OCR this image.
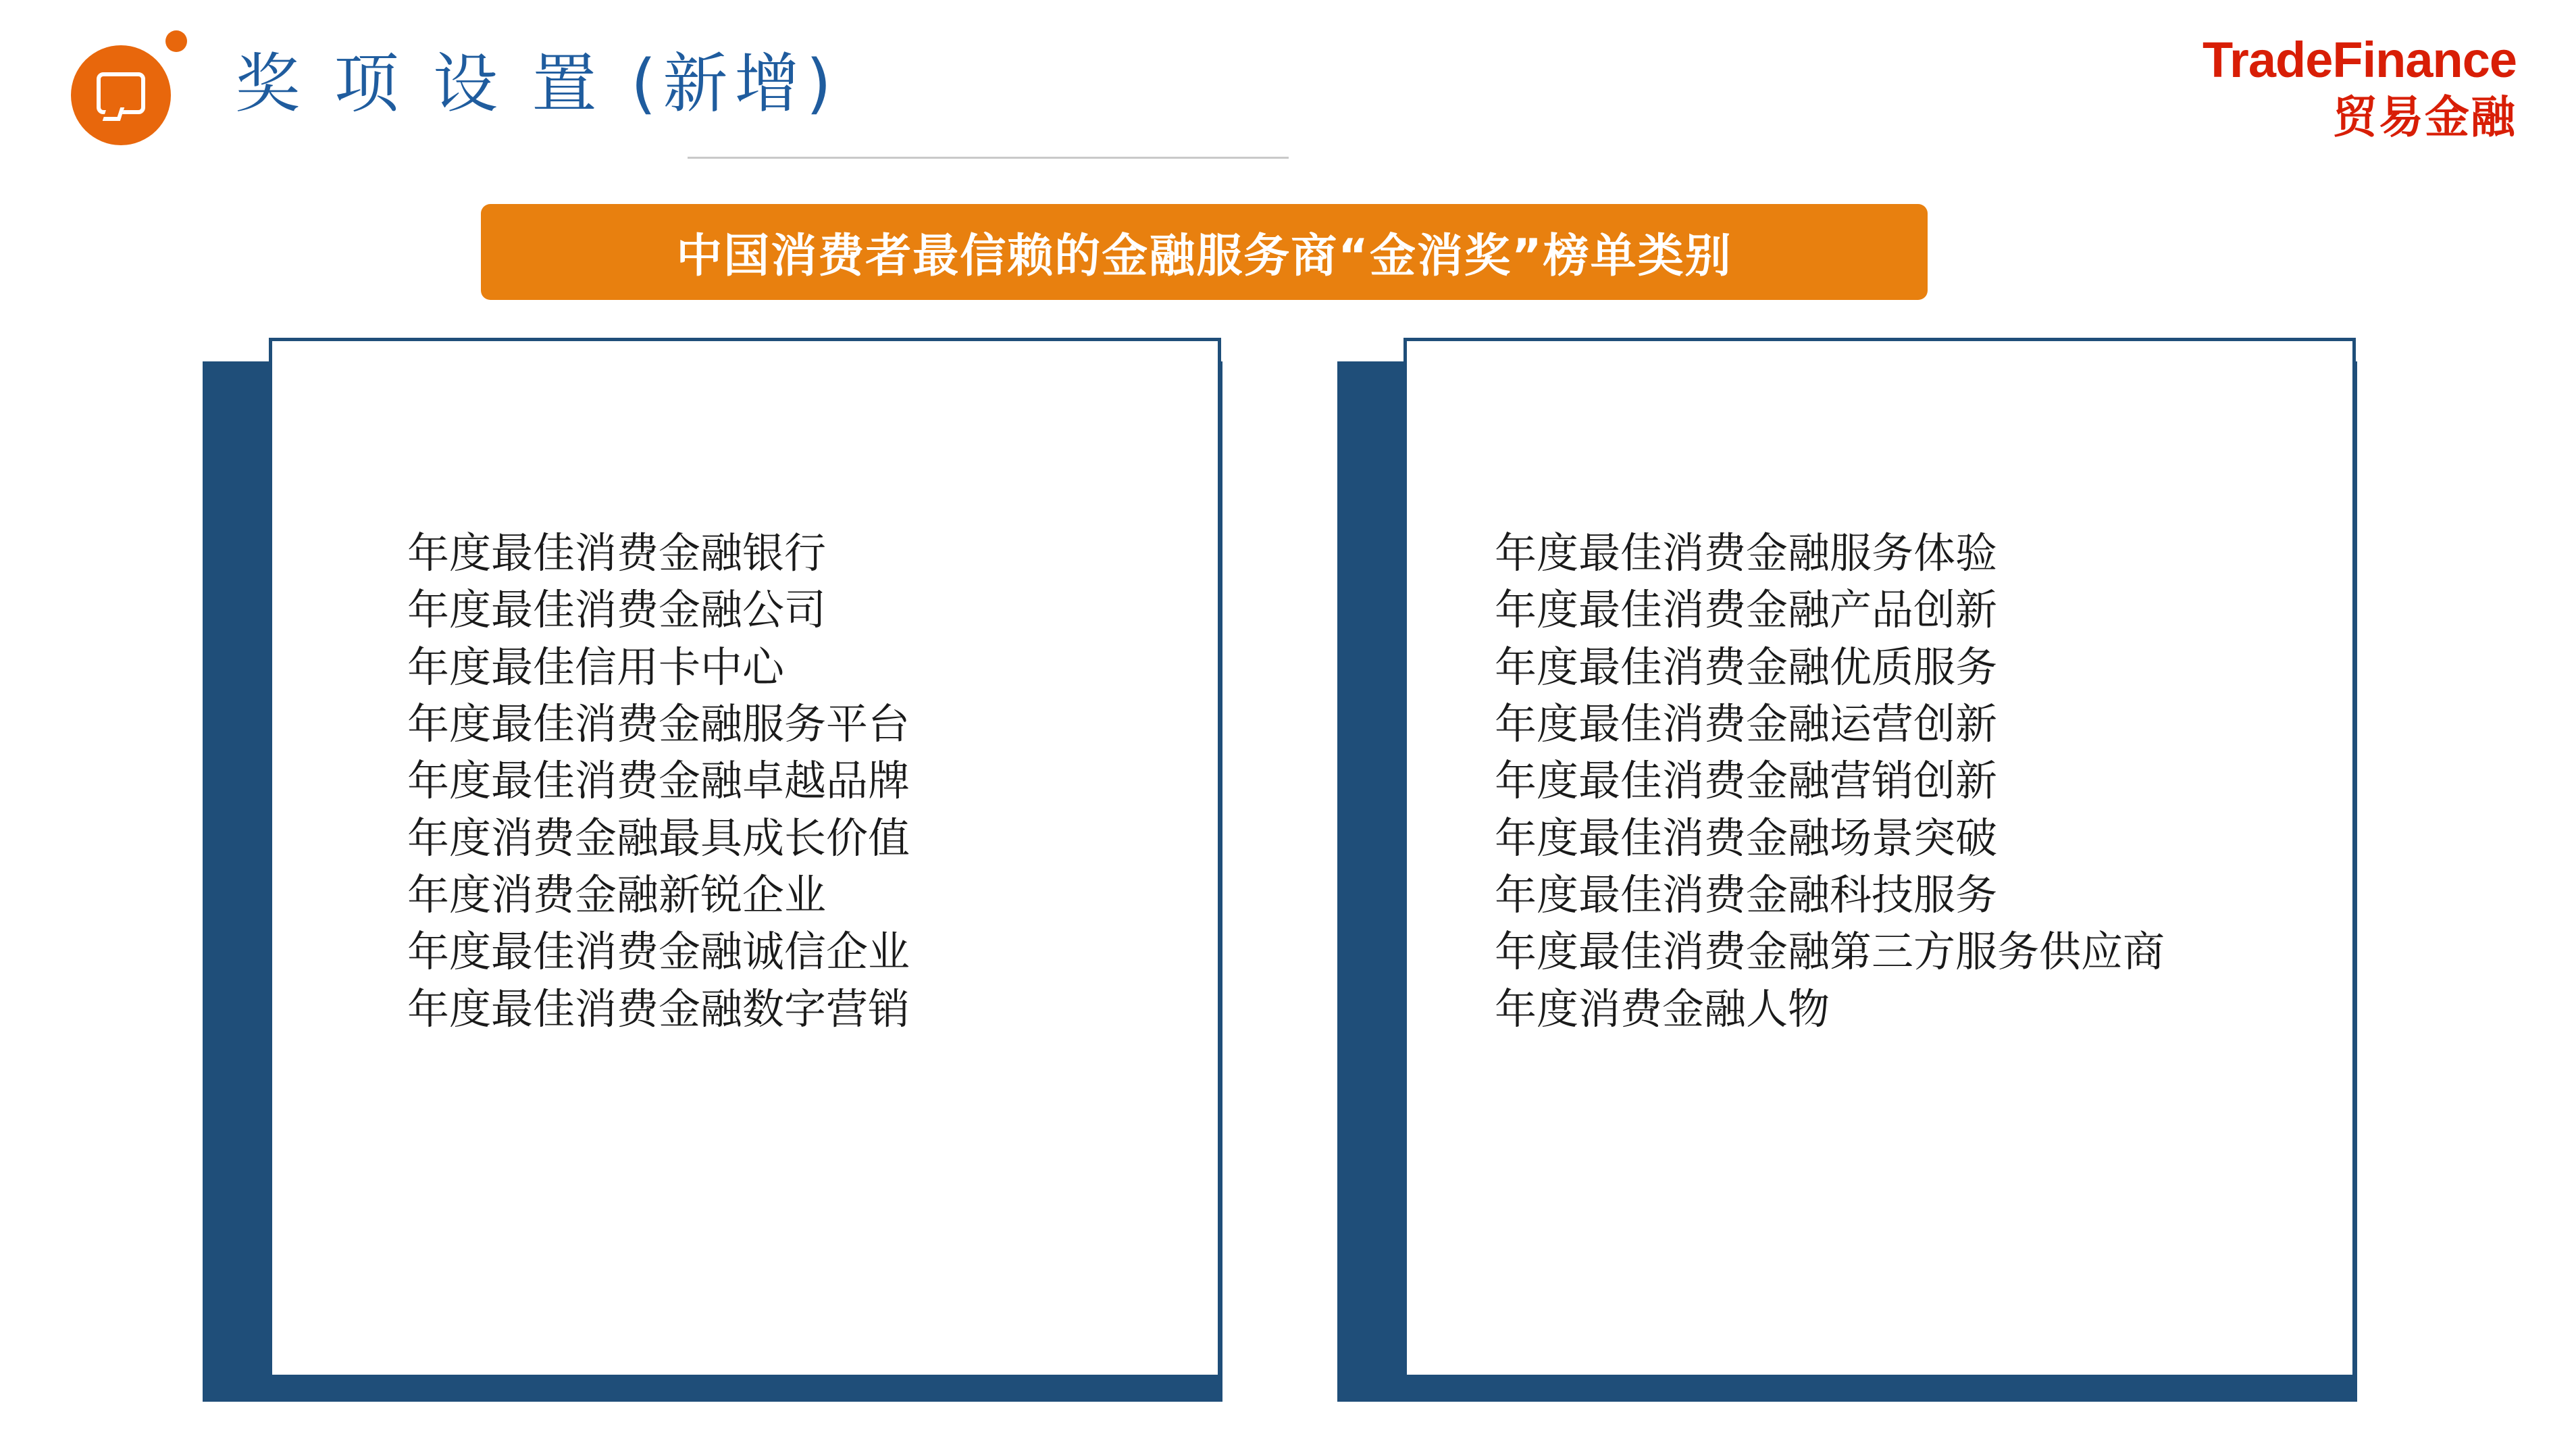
奖 项 设 置 (新增)	TradeFinance
贸易金融
中国消费者最信赖的金融服务商“金消奖”榜单类别
年度最佳消费金融银行
年度最佳消费金融公司
年度最佳信用卡中心
年度最佳消费金融服务平台
年度最佳消费金融卓越品牌
年度消费金融最具成长价值
年度消费金融新锐企业
年度最佳消费金融诚信企业
年度最佳消费金融数字营销
年度最佳消费金融服务体验
年度最佳消费金融产品创新
年度最佳消费金融优质服务
年度最佳消费金融运营创新
年度最佳消费金融营销创新
年度最佳消费金融场景突破
年度最佳消费金融科技服务
年度最佳消费金融第三方服务供应商
年度消费金融人物
